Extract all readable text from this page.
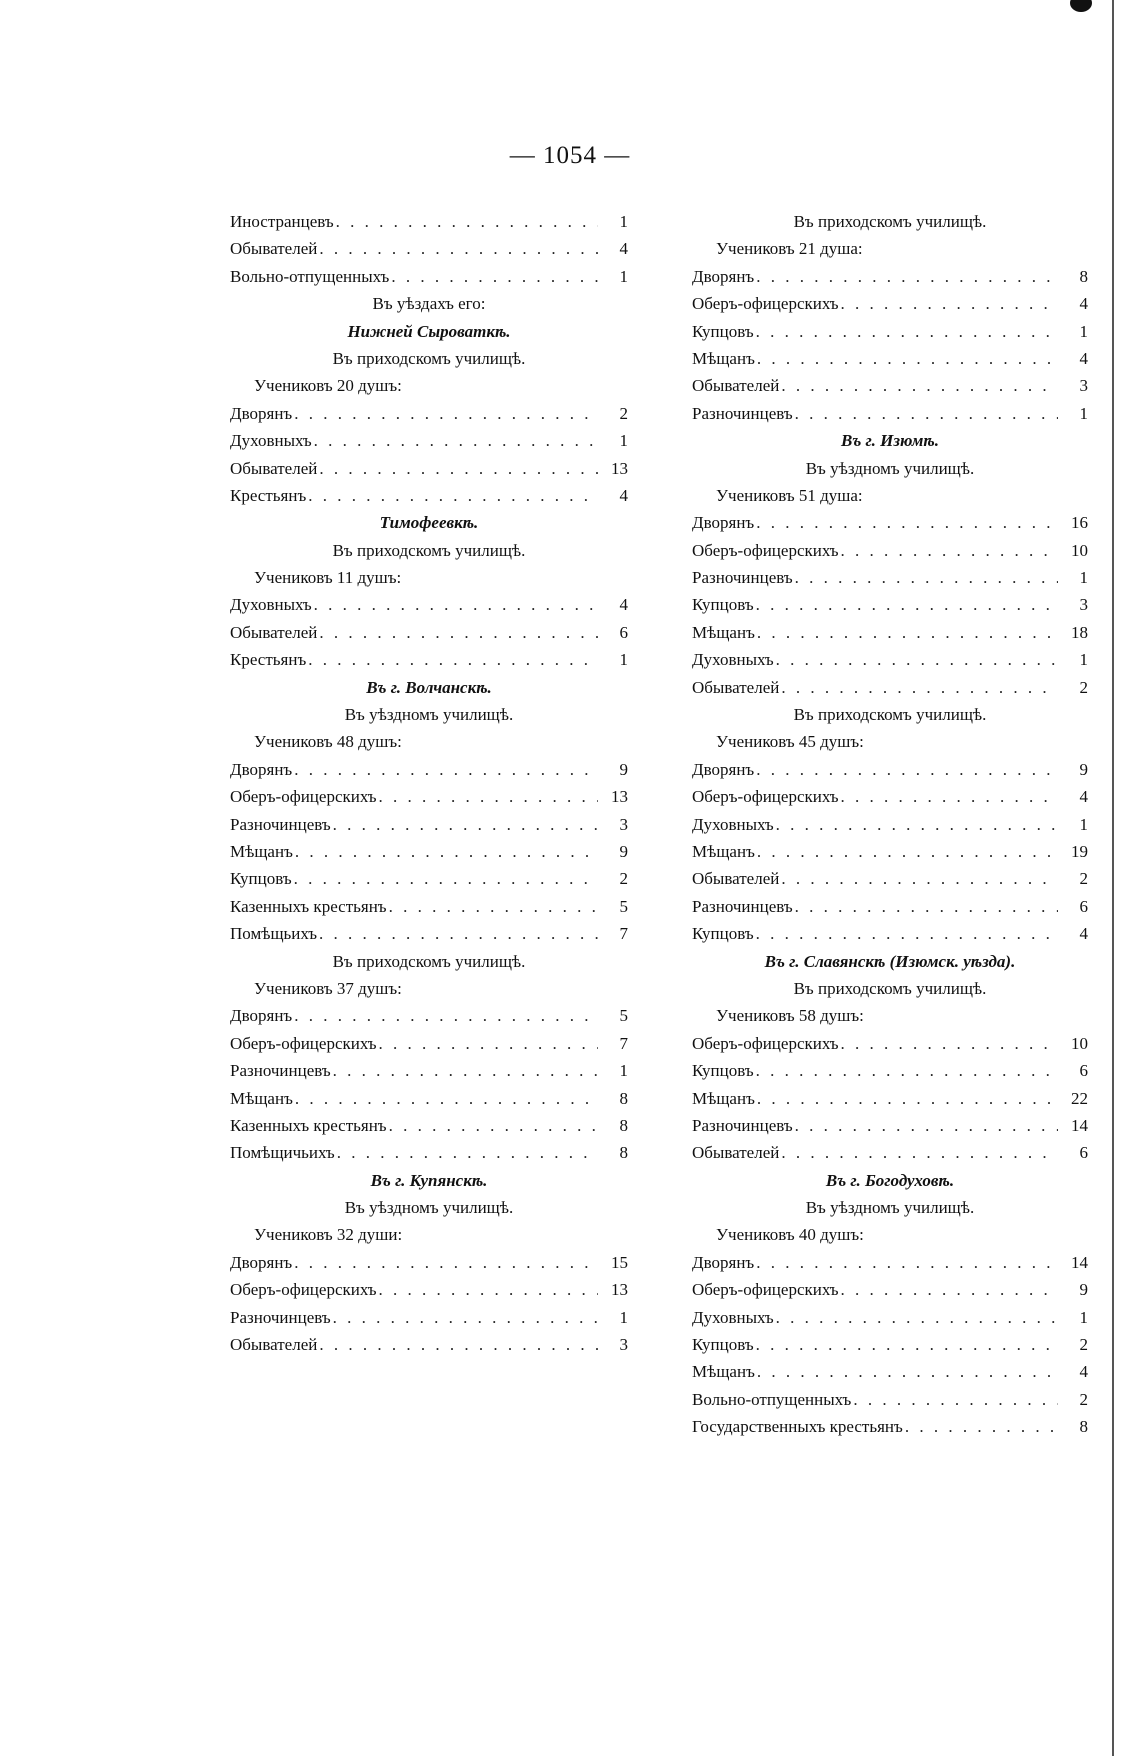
— 1054 —
Иностранцевъ . . .	1
Обывателей . . .	4
Вольно-отпущенныхъ . . .	1
Въ уѣздахъ его:
Нижней Сыроваткѣ.
Въ приходскомъ училищѣ.
Учениковъ 20 душъ:
Дворянъ . . .	2
Духовныхъ . . .	1
Обывателей . . .	13
Крестьянъ . . .	4
Тимофеевкѣ.
Въ приходскомъ училищѣ.
Учениковъ 11 душъ:
Духовныхъ . . .	4
Обывателей . . .	6
Крестьянъ . . .	1
Въ г. Волчанскѣ.
Въ уѣздномъ училищѣ.
Учениковъ 48 душъ:
Дворянъ . . .	9
Оберъ-офицерскихъ . . .	13
Разночинцевъ . . .	3
Мѣщанъ . . .	9
Купцовъ . . .	2
Казенныхъ крестьянъ . . .	5
Помѣщьихъ . . .	7
Въ приходскомъ училищѣ.
Учениковъ 37 душъ:
Дворянъ . . .	5
Оберъ-офицерскихъ . . .	7
Разночинцевъ . . .	1
Мѣщанъ . . .	8
Казенныхъ крестьянъ . . .	8
Помѣщичьихъ . . .	8
Въ г. Купянскѣ.
Въ уѣздномъ училищѣ.
Учениковъ 32 души:
Дворянъ . . .	15
Оберъ-офицерскихъ . . .	13
Разночинцевъ . . .	1
Обывателей . . .	3
Въ приходскомъ училищѣ.
Учениковъ 21 душа:
Дворянъ . . .	8
Оберъ-офицерскихъ . . .	4
Купцовъ . . .	1
Мѣщанъ . . .	4
Обывателей . . .	3
Разночинцевъ . . .	1
Въ г. Изюмѣ.
Въ уѣздномъ училищѣ.
Учениковъ 51 душа:
Дворянъ . . .	16
Оберъ-офицерскихъ . . .	10
Разночинцевъ . . .	1
Купцовъ . . .	3
Мѣщанъ . . .	18
Духовныхъ . . .	1
Обывателей . . .	2
Въ приходскомъ училищѣ.
Учениковъ 45 душъ:
Дворянъ . . .	9
Оберъ-офицерскихъ . . .	4
Духовныхъ . . .	1
Мѣщанъ . . .	19
Обывателей . . .	2
Разночинцевъ . . .	6
Купцовъ . . .	4
Въ г. Славянскѣ (Изюмск. уѣзда).
Въ приходскомъ училищѣ.
Учениковъ 58 душъ:
Оберъ-офицерскихъ . . .	10
Купцовъ . . .	6
Мѣщанъ . . .	22
Разночинцевъ . . .	14
Обывателей . . .	6
Въ г. Богодуховѣ.
Въ уѣздномъ училищѣ.
Учениковъ 40 душъ:
Дворянъ . . .	14
Оберъ-офицерскихъ . . .	9
Духовныхъ . . .	1
Купцовъ . . .	2
Мѣщанъ . . .	4
Вольно-отпущенныхъ . . .	2
Государственныхъ крестьянъ . . .	8
